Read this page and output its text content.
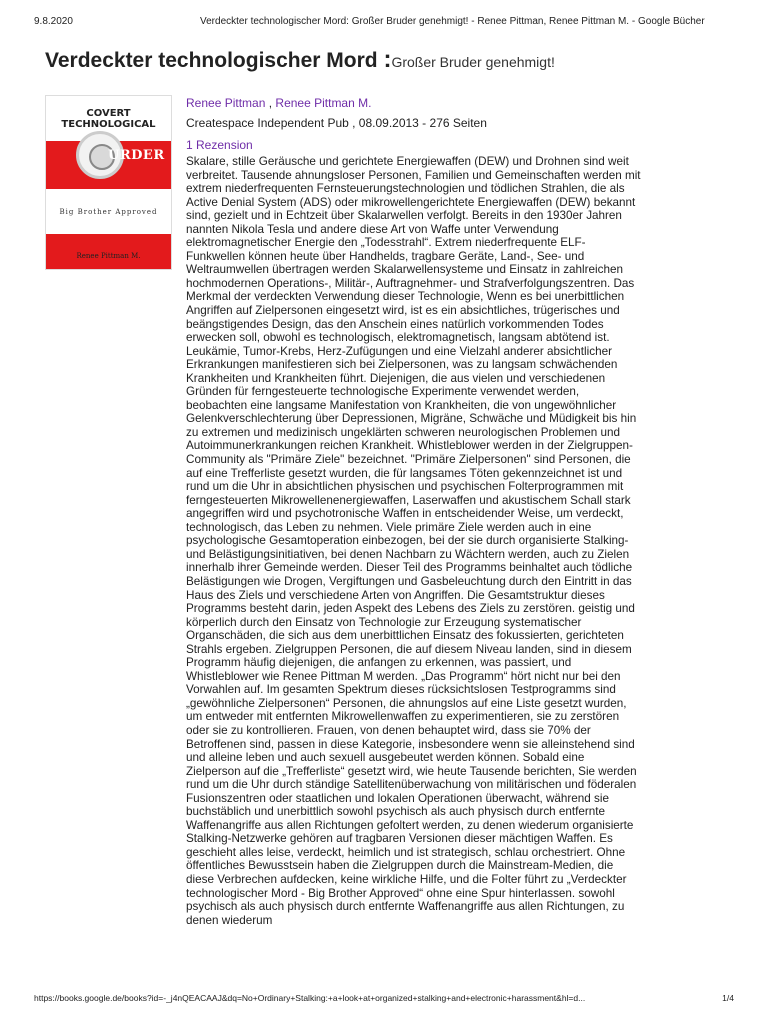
9.8.2020	Verdeckter technologischer Mord: Großer Bruder genehmigt! - Renee Pittman, Renee Pittman M. - Google Bücher
Verdeckter technologischer Mord :Großer Bruder genehmigt!
COVERT
TECHNOLOGICAL
URDER
Big Brother Approved
Renee Pittman M.
Renee Pittman , Renee Pittman M.
Createspace Independent Pub , 08.09.2013 - 276 Seiten
1 Rezension
Skalare, stille Geräusche und gerichtete Energiewaffen (DEW) und Drohnen sind weit verbreitet. Tausende ahnungsloser Personen, Familien und Gemeinschaften werden mit extrem niederfrequenten Fernsteuerungstechnologien und tödlichen Strahlen, die als Active Denial System (ADS) oder mikrowellengerichtete Energiewaffen (DEW) bekannt sind, gezielt und in Echtzeit über Skalarwellen verfolgt. Bereits in den 1930er Jahren nannten Nikola Tesla und andere diese Art von Waffe unter Verwendung elektromagnetischer Energie den „Todesstrahl“. Extrem niederfrequente ELF-Funkwellen können heute über Handhelds, tragbare Geräte, Land-, See- und Weltraumwellen übertragen werden Skalarwellensysteme und Einsatz in zahlreichen hochmodernen Operations-, Militär-, Auftragnehmer- und Strafverfolgungszentren. Das Merkmal der verdeckten Verwendung dieser Technologie, Wenn es bei unerbittlichen Angriffen auf Zielpersonen eingesetzt wird, ist es ein absichtliches, trügerisches und beängstigendes Design, das den Anschein eines natürlich vorkommenden Todes erwecken soll, obwohl es technologisch, elektromagnetisch, langsam abtötend ist. Leukämie, Tumor-Krebs, Herz-Zufügungen und eine Vielzahl anderer absichtlicher Erkrankungen manifestieren sich bei Zielpersonen, was zu langsam schwächenden Krankheiten und Krankheiten führt. Diejenigen, die aus vielen und verschiedenen Gründen für ferngesteuerte technologische Experimente verwendet werden, beobachten eine langsame Manifestation von Krankheiten, die von ungewöhnlicher Gelenkverschlechterung über Depressionen, Migräne, Schwäche und Müdigkeit bis hin zu extremen und medizinisch ungeklärten schweren neurologischen Problemen und Autoimmunerkrankungen reichen Krankheit. Whistleblower werden in der Zielgruppen-Community als "Primäre Ziele" bezeichnet. "Primäre Zielpersonen" sind Personen, die auf eine Trefferliste gesetzt wurden, die für langsames Töten gekennzeichnet ist und rund um die Uhr in absichtlichen physischen und psychischen Folterprogrammen mit ferngesteuerten Mikrowellenenergiewaffen, Laserwaffen und akustischem Schall stark angegriffen wird und psychotronische Waffen in entscheidender Weise, um verdeckt, technologisch, das Leben zu nehmen. Viele primäre Ziele werden auch in eine psychologische Gesamtoperation einbezogen, bei der sie durch organisierte Stalking- und Belästigungsinitiativen, bei denen Nachbarn zu Wächtern werden, auch zu Zielen innerhalb ihrer Gemeinde werden. Dieser Teil des Programms beinhaltet auch tödliche Belästigungen wie Drogen, Vergiftungen und Gasbeleuchtung durch den Eintritt in das Haus des Ziels und verschiedene Arten von Angriffen. Die Gesamtstruktur dieses Programms besteht darin, jeden Aspekt des Lebens des Ziels zu zerstören. geistig und körperlich durch den Einsatz von Technologie zur Erzeugung systematischer Organschäden, die sich aus dem unerbittlichen Einsatz des fokussierten, gerichteten Strahls ergeben. Zielgruppen Personen, die auf diesem Niveau landen, sind in diesem Programm häufig diejenigen, die anfangen zu erkennen, was passiert, und Whistleblower wie Renee Pittman M werden. „Das Programm“ hört nicht nur bei den Vorwahlen auf. Im gesamten Spektrum dieses rücksichtslosen Testprogramms sind „gewöhnliche Zielpersonen“ Personen, die ahnungslos auf eine Liste gesetzt wurden, um entweder mit entfernten Mikrowellenwaffen zu experimentieren, sie zu zerstören oder sie zu kontrollieren. Frauen, von denen behauptet wird, dass sie 70% der Betroffenen sind, passen in diese Kategorie, insbesondere wenn sie alleinstehend sind und alleine leben und auch sexuell ausgebeutet werden können. Sobald eine Zielperson auf die „Trefferliste“ gesetzt wird, wie heute Tausende berichten, Sie werden rund um die Uhr durch ständige Satellitenüberwachung von militärischen und föderalen Fusionszentren oder staatlichen und lokalen Operationen überwacht, während sie buchstäblich und unerbittlich sowohl psychisch als auch physisch durch entfernte Waffenangriffe aus allen Richtungen gefoltert werden, zu denen wiederum organisierte Stalking-Netzwerke gehören auf tragbaren Versionen dieser mächtigen Waffen. Es geschieht alles leise, verdeckt, heimlich und ist strategisch, schlau orchestriert. Ohne öffentliches Bewusstsein haben die Zielgruppen durch die Mainstream-Medien, die diese Verbrechen aufdecken, keine wirkliche Hilfe, und die Folter führt zu „Verdeckter technologischer Mord - Big Brother Approved“ ohne eine Spur hinterlassen. sowohl psychisch als auch physisch durch entfernte Waffenangriffe aus allen Richtungen, zu denen wiederum
https://books.google.de/books?id=-_j4nQEACAAJ&dq=No+Ordinary+Stalking:+a+look+at+organized+stalking+and+electronic+harassment&hl=d...	1/4
